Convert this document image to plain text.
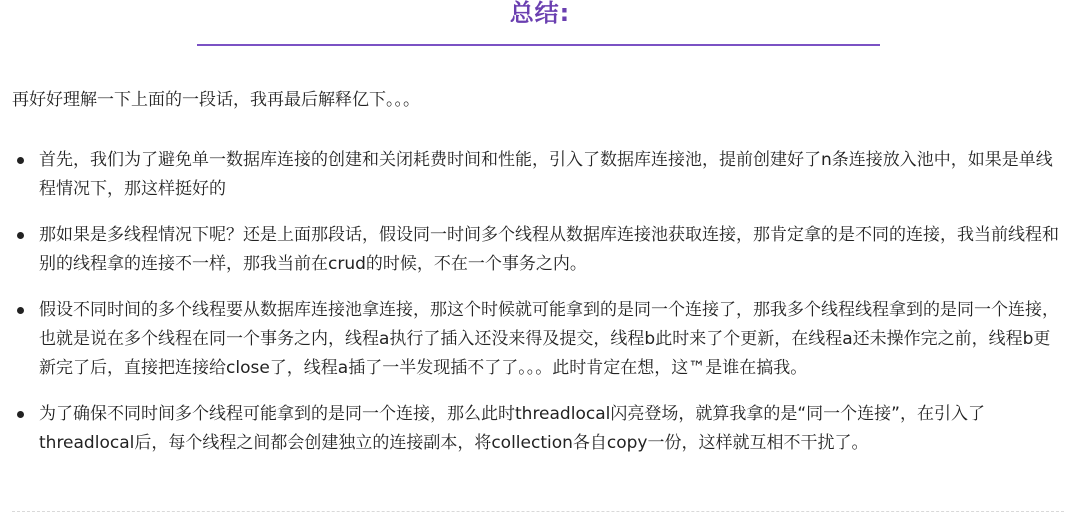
总结:

再好好理解一下上面的一段话，我再最后解释亿下。。。

首先，我们为了避免单一数据库连接的创建和关闭耗费时间和性能，引入了数据库连接池，提前创建好了n条连接放入池中，如果是单线程情况下，那这样挺好的
那如果是多线程情况下呢？还是上面那段话，假设同一时间多个线程从数据库连接池获取连接，那肯定拿的是不同的连接，我当前线程和别的线程拿的连接不一样，那我当前在crud的时候，不在一个事务之内。
假设不同时间的多个线程要从数据库连接池拿连接，那这个时候就可能拿到的是同一个连接了，那我多个线程线程拿到的是同一个连接，也就是说在多个线程在同一个事务之内，线程a执行了插入还没来得及提交，线程b此时来了个更新，在线程a还未操作完之前，线程b更新完了后，直接把连接给close了，线程a插了一半发现插不了了。。。此时肯定在想，这™是谁在搞我。
为了确保不同时间多个线程可能拿到的是同一个连接，那么此时threadlocal闪亮登场，就算我拿的是“同一个连接”，在引入了threadlocal后，每个线程之间都会创建独立的连接副本，将collection各自copy一份，这样就互相不干扰了。
